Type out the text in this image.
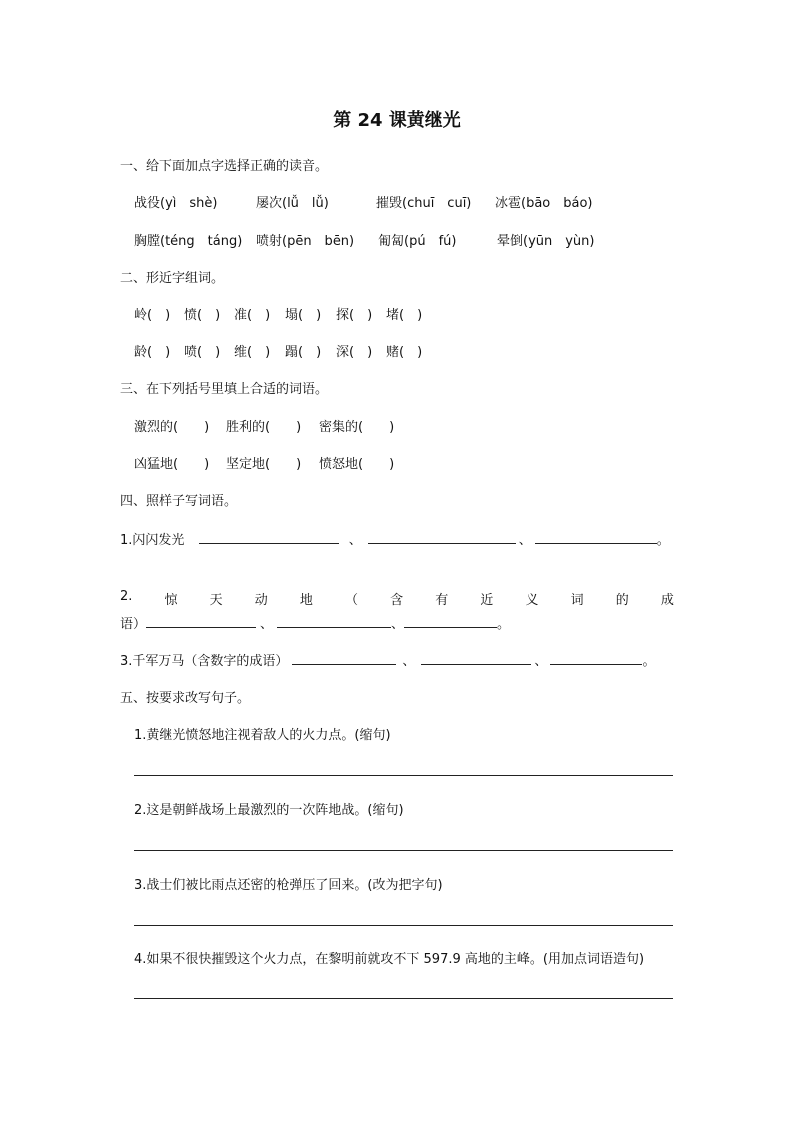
第 24 课黄继光
一、给下面加点字选择正确的读音。
战役(yì　shè)	屡次(lǚ　lǚ)	摧毁(chuī　cuī) 冰雹(bāo　báo)
胸膛(téng　táng) 喷射(pēn　bēn) 匍匐(pú　fú)	晕倒(yūn　yùn)
二、形近字组词。
岭(　) 愤(　) 准(　) 塌(　) 探(　) 堵(　)
龄(　) 喷(　) 维(　) 蹋(　) 深(　) 赌(　)
三、在下列括号里填上合适的词语。
激烈的(　　) 胜利的(　　) 密集的(　　)
凶猛地(　　) 坚定地(　　) 愤怒地(　　)
四、照样子写词语。
1.闪闪发光	、	、	。
2. 惊 天 动 地 （ 含 有 近 义 词 的 成
语）	、	、	。
3.千军万马（含数字的成语）	、	、	。
五、按要求改写句子。
1.黄继光愤怒地注视着敌人的火力点。(缩句)
2.这是朝鲜战场上最激烈的一次阵地战。(缩句)
3.战士们被比雨点还密的枪弹压了回来。(改为把字句)
4.如果不很快摧毁这个火力点，在黎明前就攻不下 597.9 高地的主峰。(用加点词语造句)
